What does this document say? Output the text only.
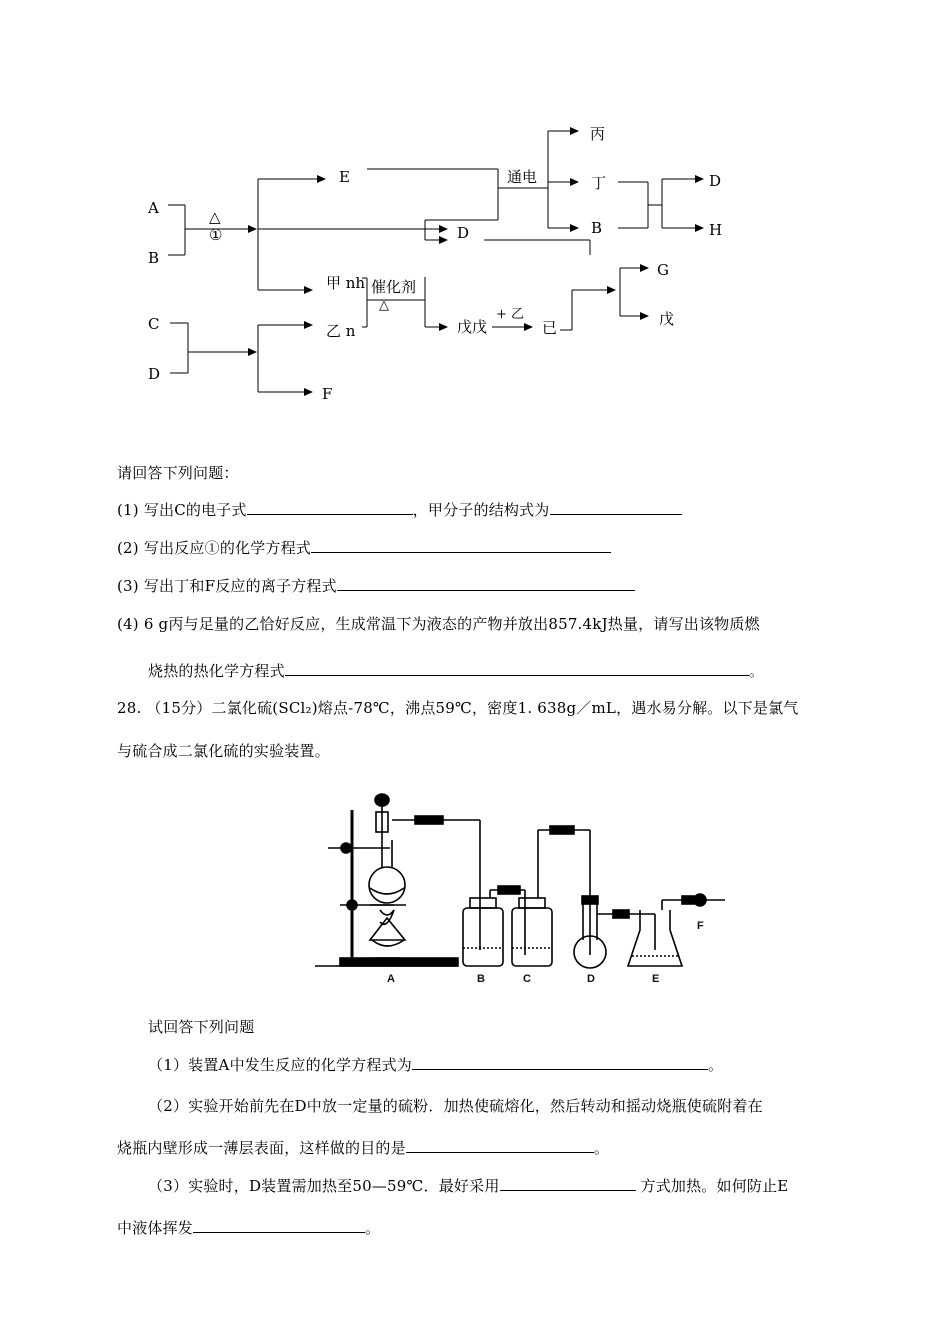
A
B
△
①
E
D
甲 nh
乙 n
F
C
D
催化剂
△
戊戊
+ 乙
已
通电
丙
丁
B
D
H
G
戊
请回答下列问题：
(1) 写出C的电子式	，甲分子的结构式为
(2) 写出反应①的化学方程式
(3) 写出丁和F反应的离子方程式
(4) 6 g丙与足量的乙恰好反应，生成常温下为液态的产物并放出857.4kJ热量，请写出该物质燃
烧热的热化学方程式	。
28. （15分）二氯化硫(SCl₂)熔点-78℃，沸点59℃，密度1. 638g／mL，遇水易分解。以下是氯气
与硫合成二氯化硫的实验装置。
A	B	C	D	E
F
试回答下列问题
（1）装置A中发生反应的化学方程式为	。
（2）实验开始前先在D中放一定量的硫粉．加热使硫熔化，然后转动和摇动烧瓶使硫附着在
烧瓶内壁形成一薄层表面，这样做的目的是	。
（3）实验时，D装置需加热至50—59℃．最好采用	方式加热。如何防止E
中液体挥发	。
